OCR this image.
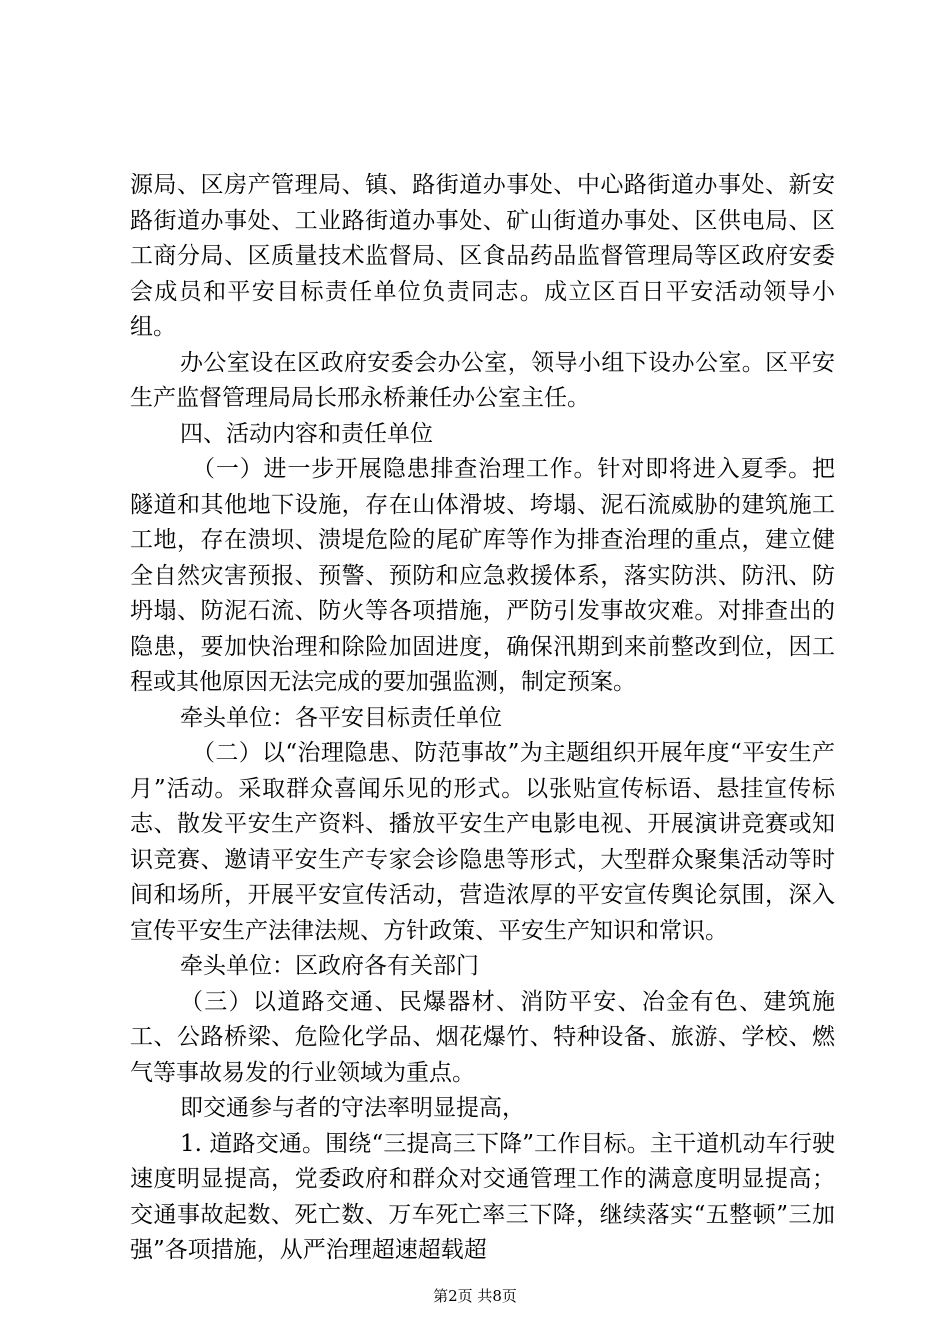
源局、区房产管理局、镇、路街道办事处、中心路街道办事处、新安路街道办事处、工业路街道办事处、矿山街道办事处、区供电局、区工商分局、区质量技术监督局、区食品药品监督管理局等区政府安委会成员和平安目标责任单位负责同志。成立区百日平安活动领导小组。

办公室设在区政府安委会办公室，领导小组下设办公室。区平安生产监督管理局局长邢永桥兼任办公室主任。

四、活动内容和责任单位

（一）进一步开展隐患排查治理工作。针对即将进入夏季。把隧道和其他地下设施，存在山体滑坡、垮塌、泥石流威胁的建筑施工工地，存在溃坝、溃堤危险的尾矿库等作为排查治理的重点，建立健全自然灾害预报、预警、预防和应急救援体系，落实防洪、防汛、防坍塌、防泥石流、防火等各项措施，严防引发事故灾难。对排查出的隐患，要加快治理和除险加固进度，确保汛期到来前整改到位，因工程或其他原因无法完成的要加强监测，制定预案。

牵头单位：各平安目标责任单位

（二）以“治理隐患、防范事故”为主题组织开展年度“平安生产月”活动。采取群众喜闻乐见的形式。以张贴宣传标语、悬挂宣传标志、散发平安生产资料、播放平安生产电影电视、开展演讲竞赛或知识竞赛、邀请平安生产专家会诊隐患等形式，大型群众聚集活动等时间和场所，开展平安宣传活动，营造浓厚的平安宣传舆论氛围，深入宣传平安生产法律法规、方针政策、平安生产知识和常识。

牵头单位：区政府各有关部门

（三）以道路交通、民爆器材、消防平安、冶金有色、建筑施工、公路桥梁、危险化学品、烟花爆竹、特种设备、旅游、学校、燃气等事故易发的行业领域为重点。

即交通参与者的守法率明显提高，

1. 道路交通。围绕“三提高三下降”工作目标。主干道机动车行驶速度明显提高，党委政府和群众对交通管理工作的满意度明显提高；交通事故起数、死亡数、万车死亡率三下降，继续落实“五整顿”三加强”各项措施，从严治理超速超载超

第2页 共8页
